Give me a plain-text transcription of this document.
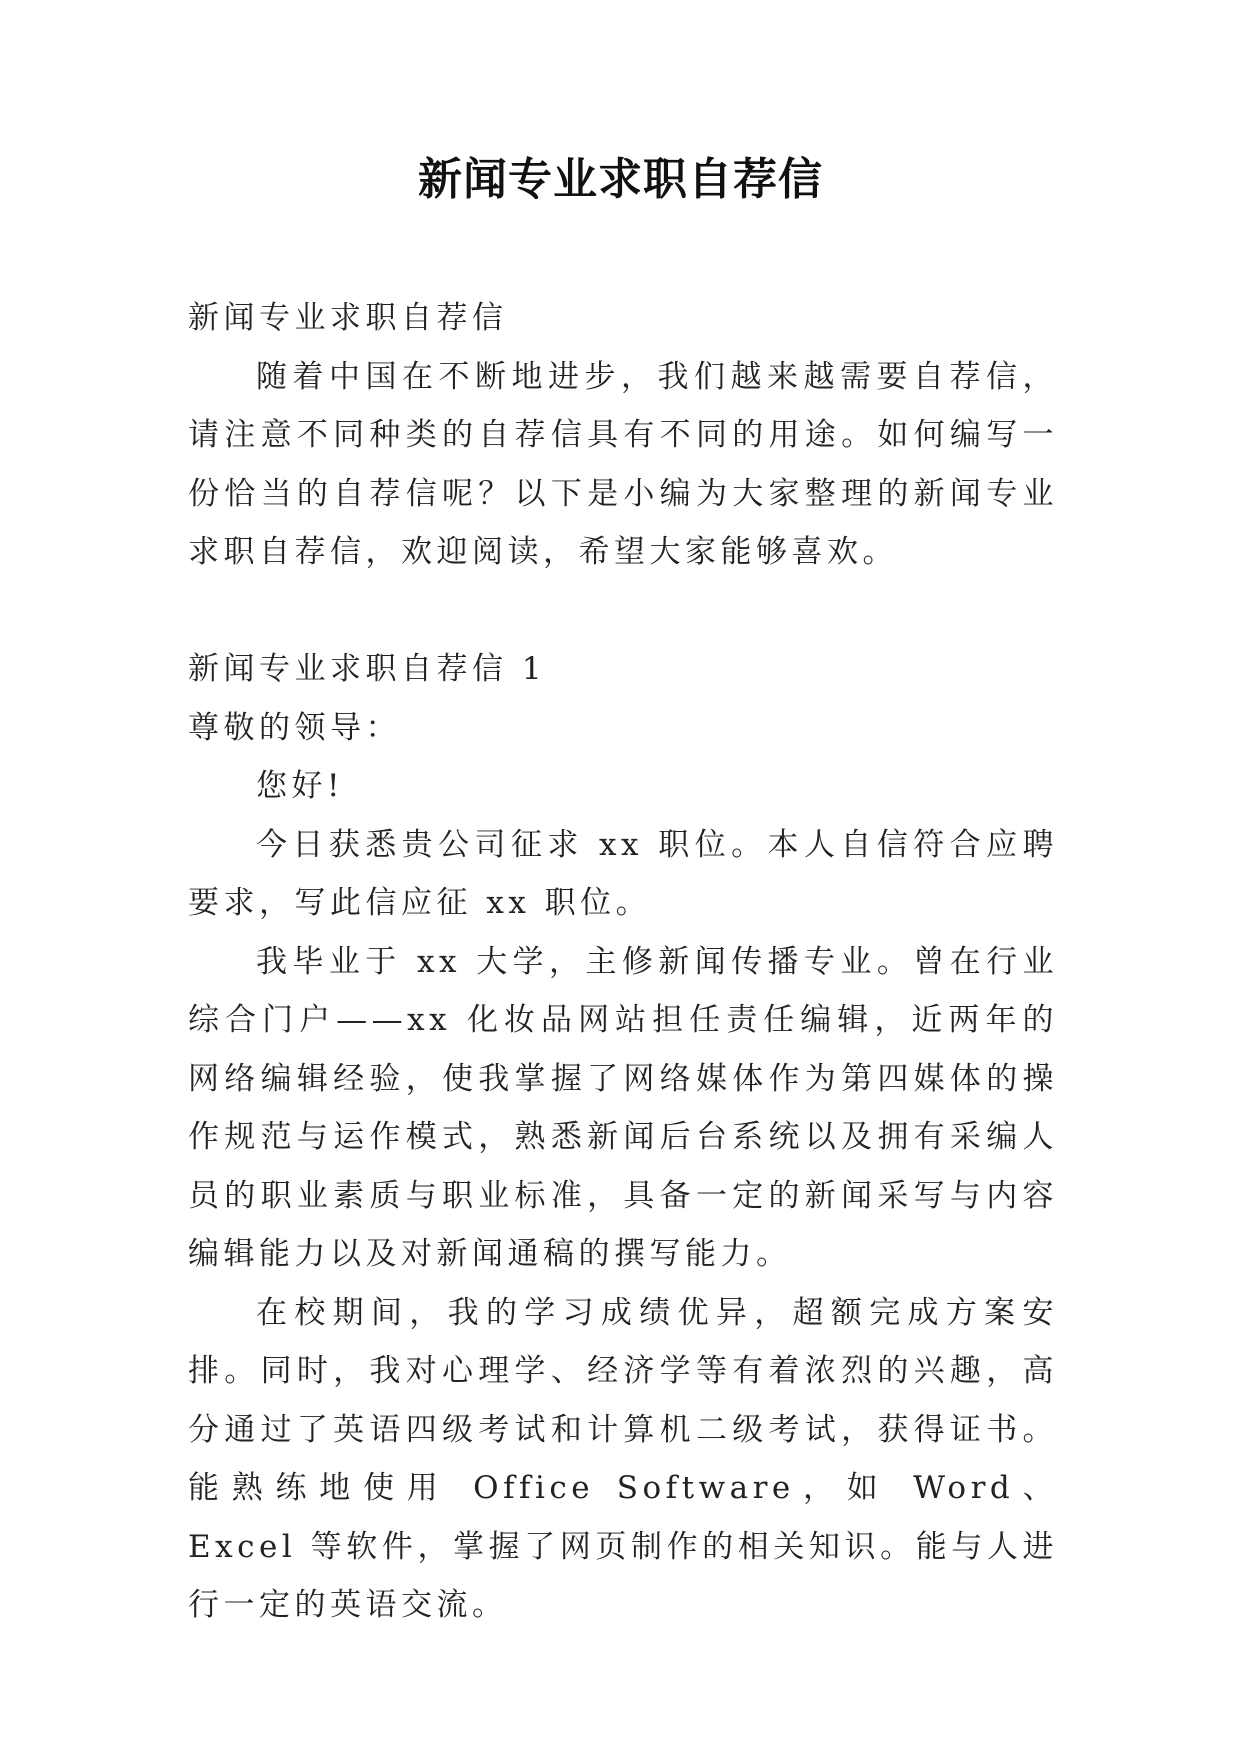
新闻专业求职自荐信

新闻专业求职自荐信

随着中国在不断地进步，我们越来越需要自荐信，请注意不同种类的自荐信具有不同的用途。如何编写一份恰当的自荐信呢？以下是小编为大家整理的新闻专业求职自荐信，欢迎阅读，希望大家能够喜欢。

新闻专业求职自荐信 1

尊敬的领导：

您好!

今日获悉贵公司征求 xx 职位。本人自信符合应聘要求，写此信应征 xx 职位。

我毕业于 xx 大学，主修新闻传播专业。曾在行业综合门户——xx 化妆品网站担任责任编辑，近两年的网络编辑经验，使我掌握了网络媒体作为第四媒体的操作规范与运作模式，熟悉新闻后台系统以及拥有采编人员的职业素质与职业标准，具备一定的新闻采写与内容编辑能力以及对新闻通稿的撰写能力。

在校期间，我的学习成绩优异，超额完成方案安排。同时，我对心理学、经济学等有着浓烈的兴趣，高分通过了英语四级考试和计算机二级考试，获得证书。能熟练地使用 Office Software，如 Word、Excel 等软件，掌握了网页制作的相关知识。能与人进行一定的英语交流。
